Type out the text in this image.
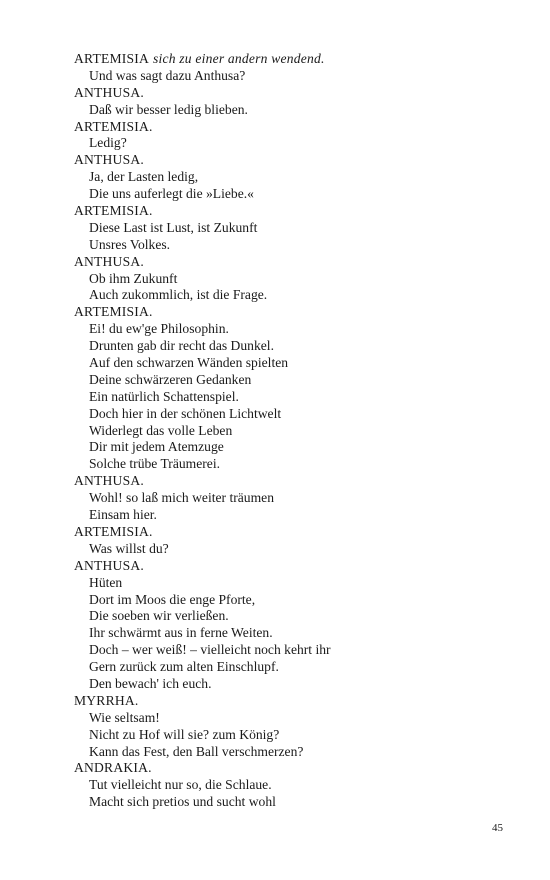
ARTEMISIA sich zu einer andern wendend.
Und was sagt dazu Anthusa?
ANTHUSA.
Daß wir besser ledig blieben.
ARTEMISIA.
Ledig?
ANTHUSA.
Ja, der Lasten ledig,
Die uns auferlegt die »Liebe.«
ARTEMISIA.
Diese Last ist Lust, ist Zukunft
Unsres Volkes.
ANTHUSA.
Ob ihm Zukunft
Auch zukommlich, ist die Frage.
ARTEMISIA.
Ei! du ew'ge Philosophin.
Drunten gab dir recht das Dunkel.
Auf den schwarzen Wänden spielten
Deine schwärzeren Gedanken
Ein natürlich Schattenspiel.
Doch hier in der schönen Lichtwelt
Widerlegt das volle Leben
Dir mit jedem Atemzuge
Solche trübe Träumerei.
ANTHUSA.
Wohl! so laß mich weiter träumen
Einsam hier.
ARTEMISIA.
Was willst du?
ANTHUSA.
Hüten
Dort im Moos die enge Pforte,
Die soeben wir verließen.
Ihr schwärmt aus in ferne Weiten.
Doch – wer weiß! – vielleicht noch kehrt ihr
Gern zurück zum alten Einschlupf.
Den bewach' ich euch.
MYRRHA.
Wie seltsam!
Nicht zu Hof will sie? zum König?
Kann das Fest, den Ball verschmerzen?
ANDRAKIA.
Tut vielleicht nur so, die Schlaue.
Macht sich pretios und sucht wohl
45
